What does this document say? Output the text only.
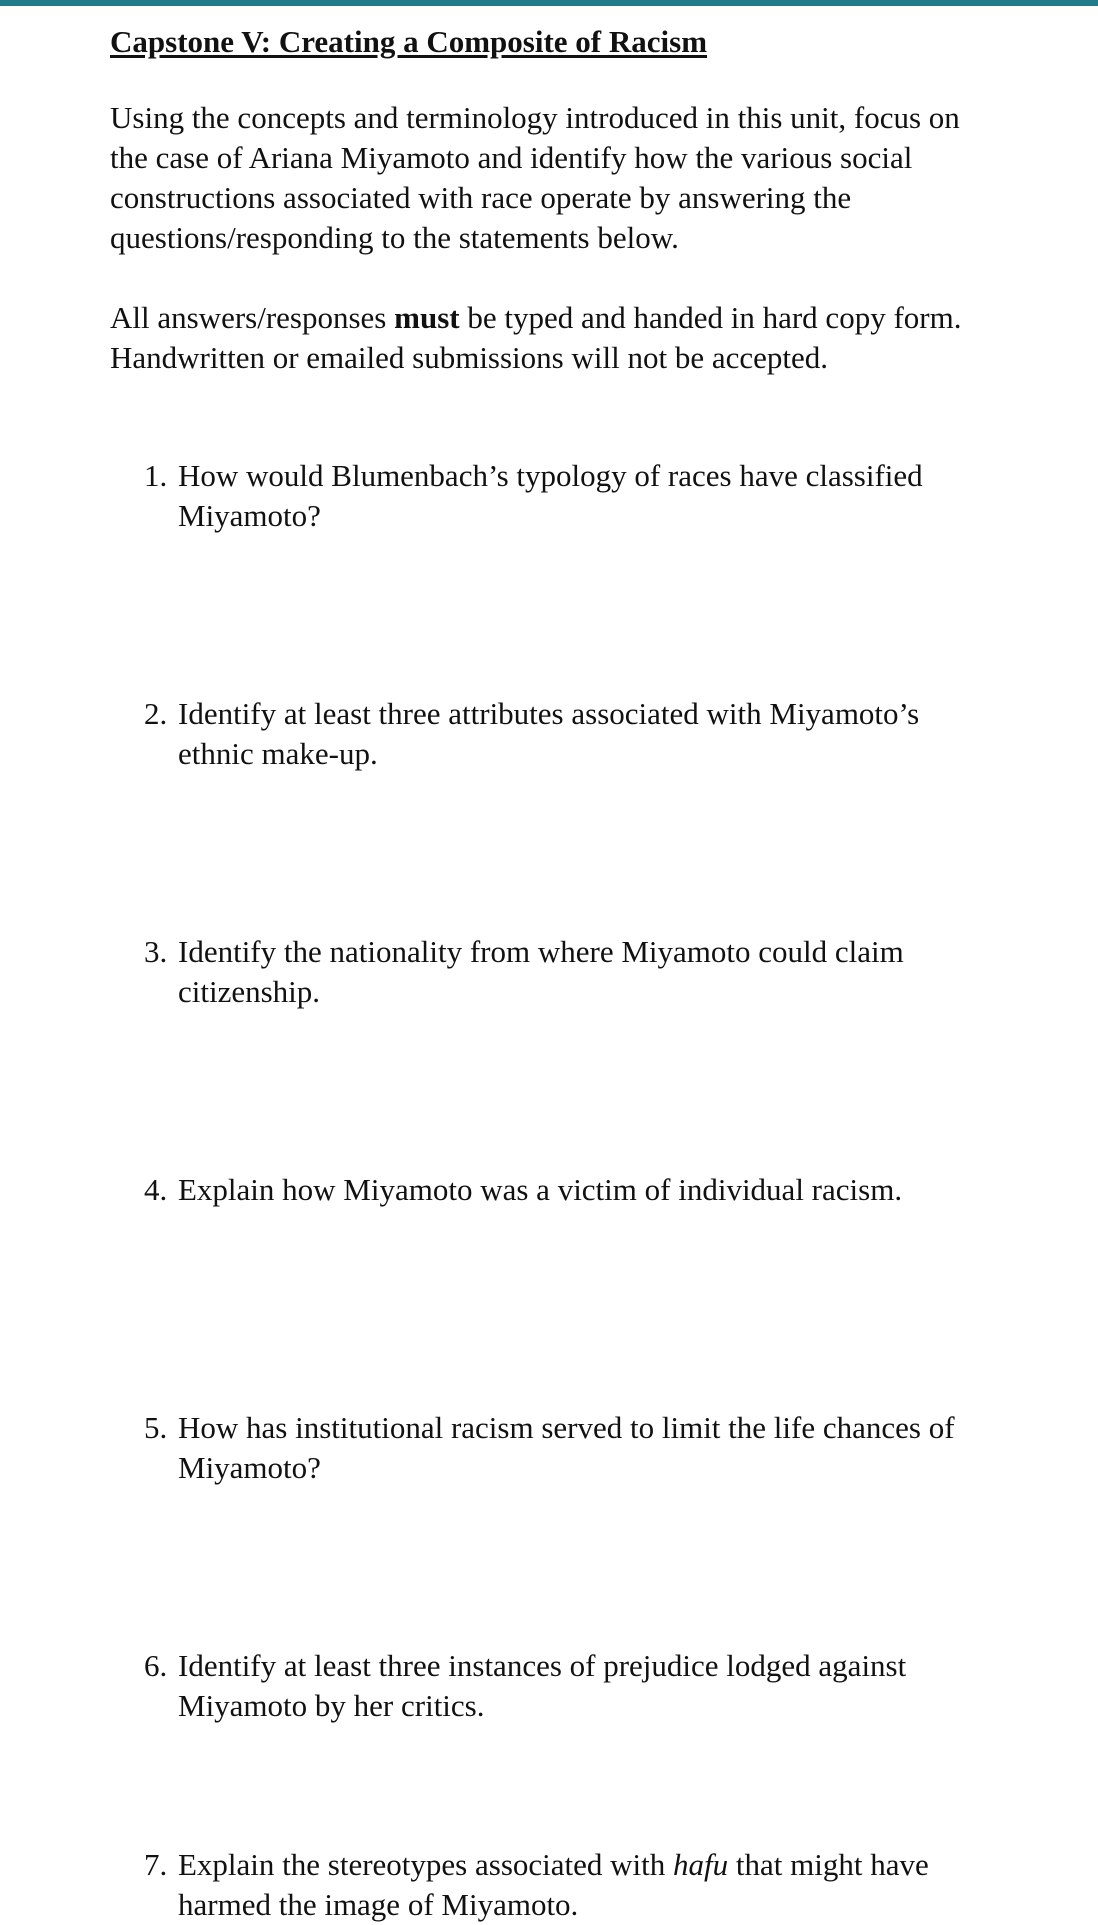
Capstone V: Creating a Composite of Racism

Using the concepts and terminology introduced in this unit, focus on the case of Ariana Miyamoto and identify how the various social constructions associated with race operate by answering the questions/responding to the statements below.

All answers/responses must be typed and handed in hard copy form. Handwritten or emailed submissions will not be accepted.

1. How would Blumenbach’s typology of races have classified Miyamoto?
2. Identify at least three attributes associated with Miyamoto’s ethnic make-up.
3. Identify the nationality from where Miyamoto could claim citizenship.
4. Explain how Miyamoto was a victim of individual racism.
5. How has institutional racism served to limit the life chances of Miyamoto?
6. Identify at least three instances of prejudice lodged against Miyamoto by her critics.
7. Explain the stereotypes associated with hafu that might have harmed the image of Miyamoto.
